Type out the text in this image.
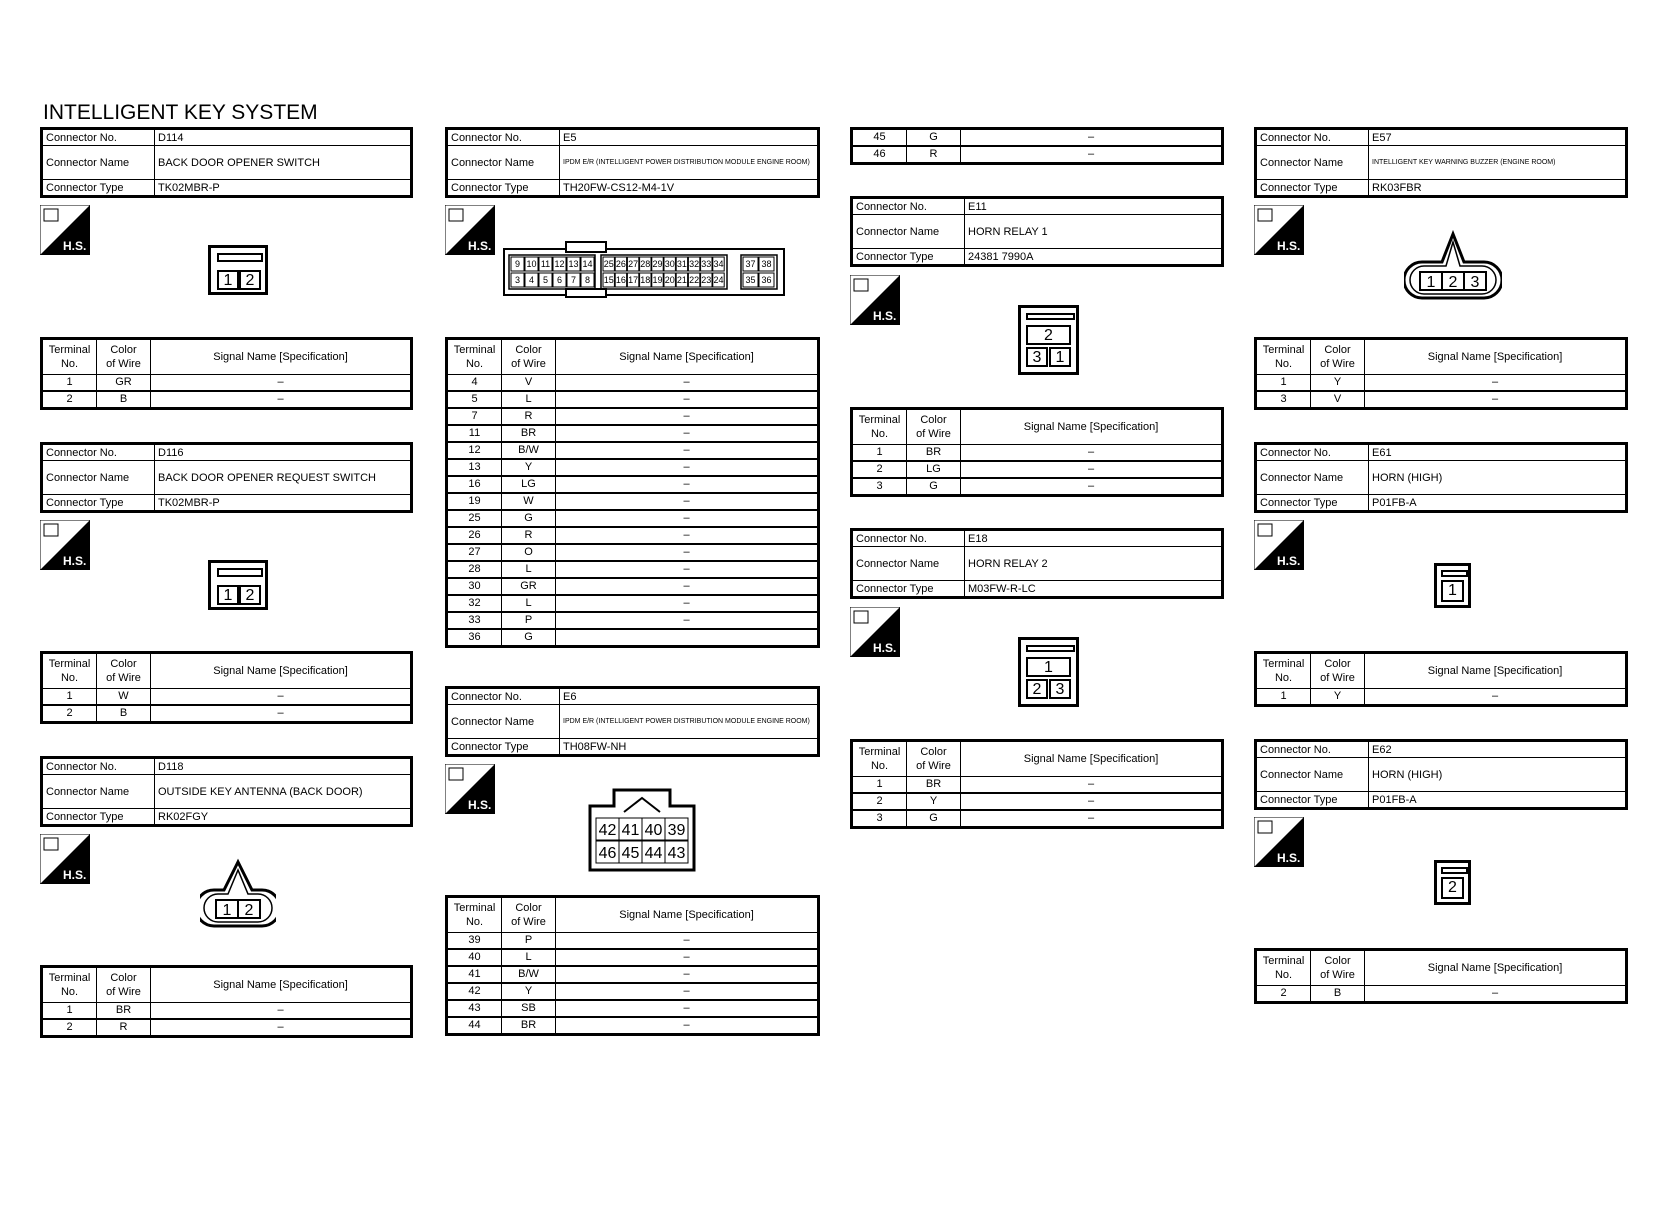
INTELLIGENT KEY SYSTEM
Connector No.	D114
Connector Name	BACK DOOR OPENER SWITCH
Connector Type	TK02MBR-P
H.S.
1 2
Terminal
No.	Color
of Wire	Signal Name [Specification]
1	GR	–
2	B	–
Connector No.	D116
Connector Name	BACK DOOR OPENER REQUEST SWITCH
Connector Type	TK02MBR-P
H.S.
1 2
Terminal
No.	Color
of Wire	Signal Name [Specification]
1	W	–
2	B	–
Connector No.	D118
Connector Name	OUTSIDE KEY ANTENNA (BACK DOOR)
Connector Type	RK02FGY
H.S.
1 2
Terminal
No.	Color
of Wire	Signal Name [Specification]
1	BR	–
2	R	–
Connector No.	E5
Connector Name	IPDM E/R (INTELLIGENT POWER DISTRIBUTION MODULE ENGINE ROOM)
Connector Type	TH20FW-CS12-M4-1V
H.S.
9
3
10
4
11
5
12
6
13
7
14
8
25
15
26
16
27
17
28
18
29
19
30
20
31
21
32
22
33
23
34
24
37
35
38
36
Terminal
No.	Color
of Wire	Signal Name [Specification]
4	V	–
5	L	–
7	R	–
11	BR	–
12	B/W	–
13	Y	–
16	LG	–
19	W	–
25	G	–
26	R	–
27	O	–
28	L	–
30	GR	–
32	L	–
33	P	–
36	G	
Connector No.	E6
Connector Name	IPDM E/R (INTELLIGENT POWER DISTRIBUTION MODULE ENGINE ROOM)
Connector Type	TH08FW-NH
H.S.
42
46
41
45
40
44
39
43
Terminal
No.	Color
of Wire	Signal Name [Specification]
39	P	–
40	L	–
41	B/W	–
42	Y	–
43	SB	–
44	BR	–
45	G	–
46	R	–
Connector No.	E11
Connector Name	HORN RELAY 1
Connector Type	24381 7990A
H.S.
2
3 1
Terminal
No.	Color
of Wire	Signal Name [Specification]
1	BR	–
2	LG	–
3	G	–
Connector No.	E18
Connector Name	HORN RELAY 2
Connector Type	M03FW-R-LC
H.S.
1
2 3
Terminal
No.	Color
of Wire	Signal Name [Specification]
1	BR	–
2	Y	–
3	G	–
Connector No.	E57
Connector Name	INTELLIGENT KEY WARNING BUZZER (ENGINE ROOM)
Connector Type	RK03FBR
H.S.
1 2 3
Terminal
No.	Color
of Wire	Signal Name [Specification]
1	Y	–
3	V	–
Connector No.	E61
Connector Name	HORN (HIGH)
Connector Type	P01FB-A
H.S.
1
Terminal
No.	Color
of Wire	Signal Name [Specification]
1	Y	–
Connector No.	E62
Connector Name	HORN (HIGH)
Connector Type	P01FB-A
H.S.
2
Terminal
No.	Color
of Wire	Signal Name [Specification]
2	B	–
